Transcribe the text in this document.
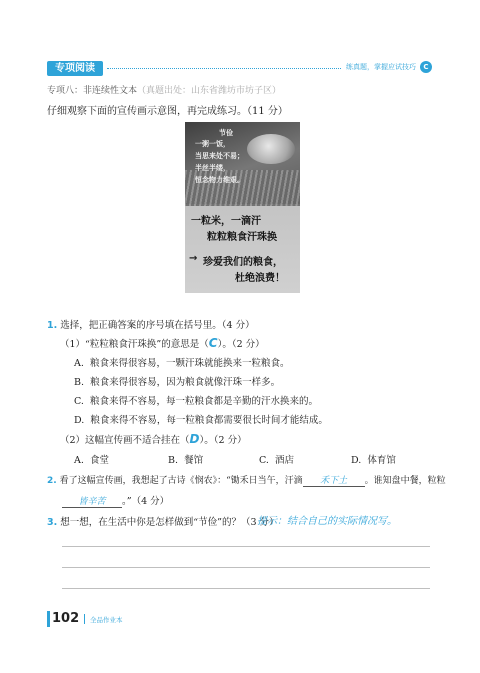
专项阅读	练真题，掌握应试技巧	C
专项八：非连续性文本（真题出处：山东省潍坊市坊子区）
仔细观察下面的宣传画示意图，再完成练习。（11 分）
节俭
一粥一饭，
当思来处不易；
半丝半缕，
恒念物力维艰。
一粒米，一滴汗
粒粒粮食汗珠换
→ 珍爱我们的粮食，
杜绝浪费！
1. 选择，把正确答案的序号填在括号里。（4 分）
（1）“粒粒粮食汗珠换”的意思是（C）。（2 分）
A. 粮食来得很容易，一颗汗珠就能换来一粒粮食。
B. 粮食来得很容易，因为粮食就像汗珠一样多。
C. 粮食来得不容易，每一粒粮食都是辛勤的汗水换来的。
D. 粮食来得不容易，每一粒粮食都需要很长时间才能结成。
（2）这幅宣传画不适合挂在（D）。（2 分）
A. 食堂	B. 餐馆	C. 酒店	D. 体育馆
2. 看了这幅宣传画，我想起了古诗《悯农》：“锄禾日当午，汗滴 禾下土 。谁知盘中餐，粒粒
皆辛苦 。”（4 分）
3. 想一想，在生活中你是怎样做到“节俭”的？（3 分）
提示：结合自己的实际情况写。
102 全品作业本
